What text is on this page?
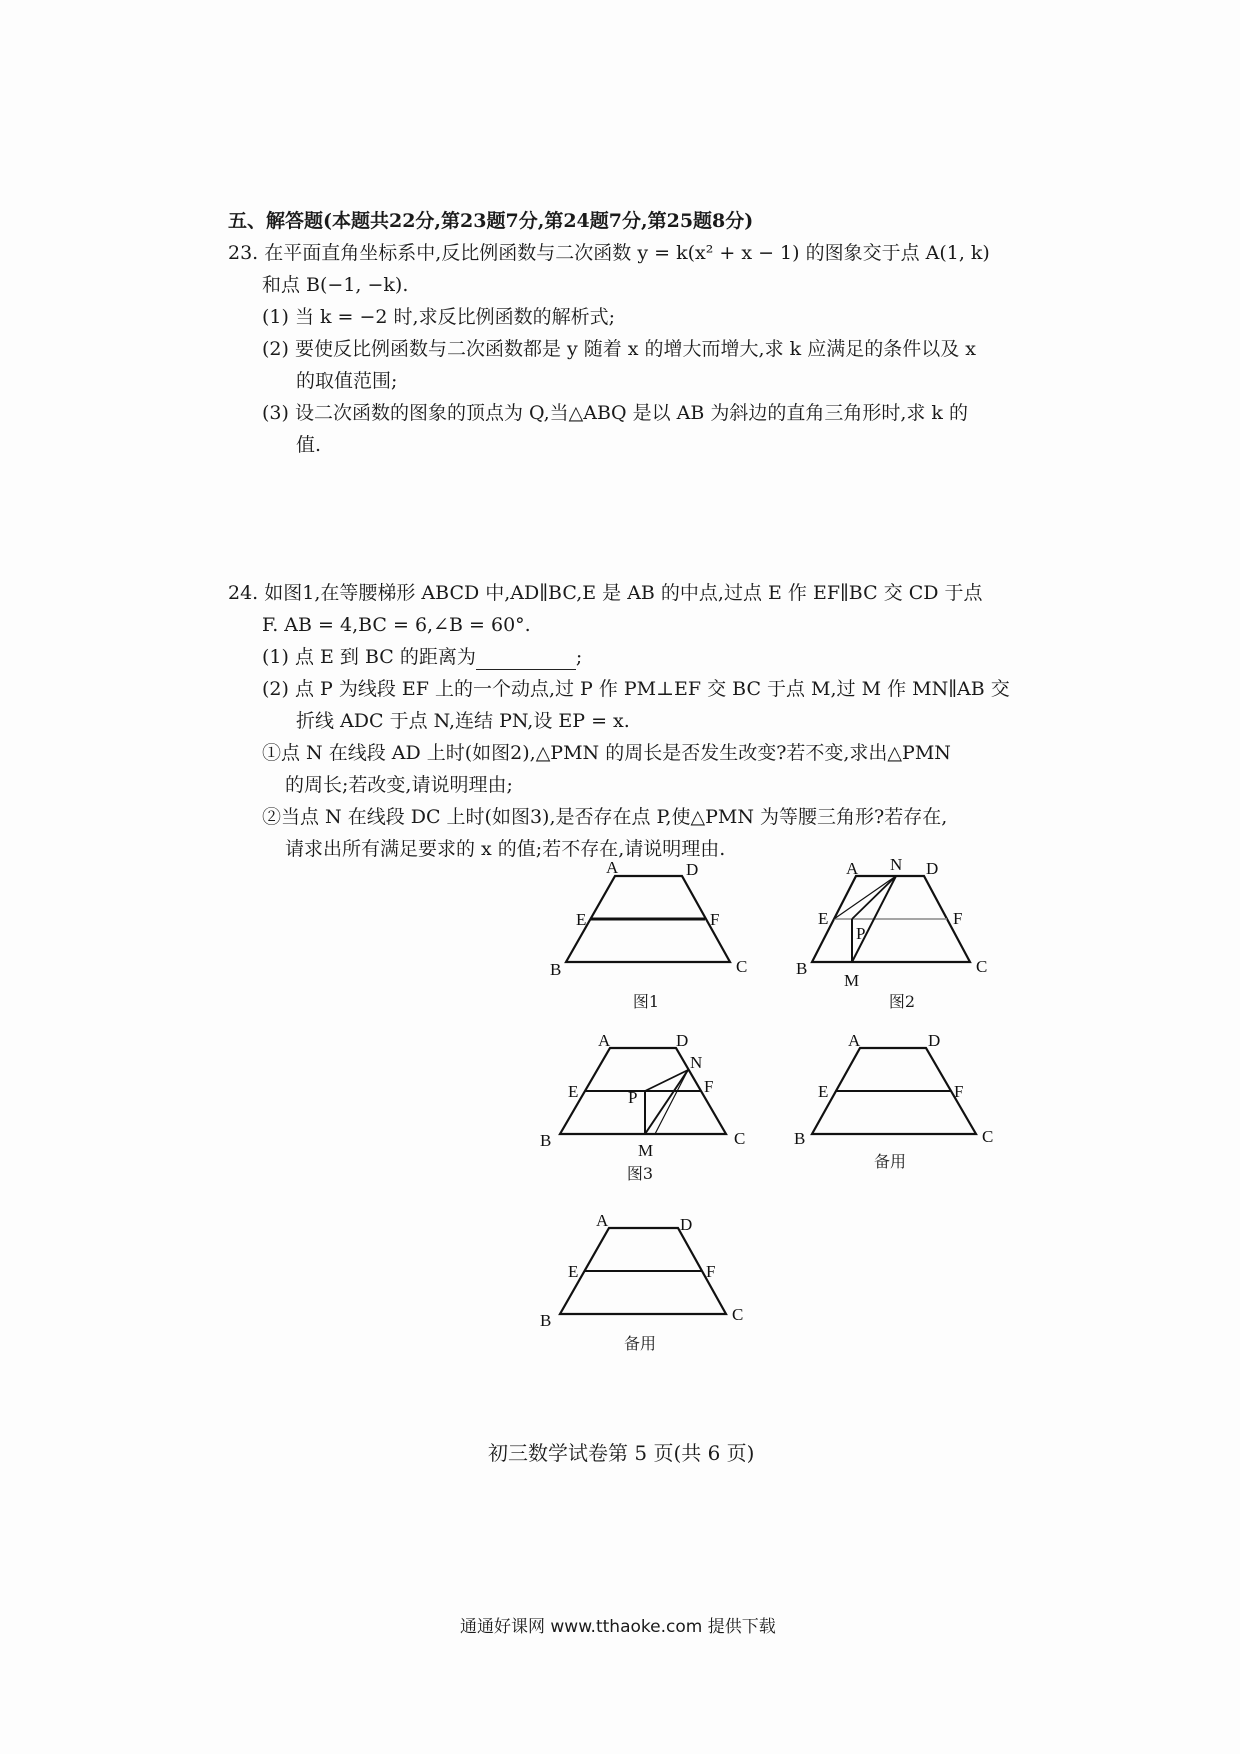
五、解答题(本题共22分,第23题7分,第24题7分,第25题8分)
23. 在平面直角坐标系中,反比例函数与二次函数 y = k(x² + x − 1) 的图象交于点 A(1, k)
和点 B(−1, −k).
(1) 当 k = −2 时,求反比例函数的解析式;
(2) 要使反比例函数与二次函数都是 y 随着 x 的增大而增大,求 k 应满足的条件以及 x
的取值范围;
(3) 设二次函数的图象的顶点为 Q,当△ABQ 是以 AB 为斜边的直角三角形时,求 k 的
值.
24. 如图1,在等腰梯形 ABCD 中,AD∥BC,E 是 AB 的中点,过点 E 作 EF∥BC 交 CD 于点
F. AB = 4,BC = 6,∠B = 60°.
(1) 点 E 到 BC 的距离为	;
(2) 点 P 为线段 EF 上的一个动点,过 P 作 PM⊥EF 交 BC 于点 M,过 M 作 MN∥AB 交
折线 ADC 于点 N,连结 PN,设 EP = x.
①点 N 在线段 AD 上时(如图2),△PMN 的周长是否发生改变?若不变,求出△PMN
的周长;若改变,请说明理由;
②当点 N 在线段 DC 上时(如图3),是否存在点 P,使△PMN 为等腰三角形?若存在,
请求出所有满足要求的 x 的值;若不存在,请说明理由.
A	D
E	F
B	C
图1
A N D
E	F
P
B
M
C
图2
A	D
N
E	F
P
B
M
C
图3
A	D
E	F
B	C
备用
A	D
E	F
B	C
备用
初三数学试卷第 5 页(共 6 页)
通通好课网 www.tthaoke.com 提供下载
